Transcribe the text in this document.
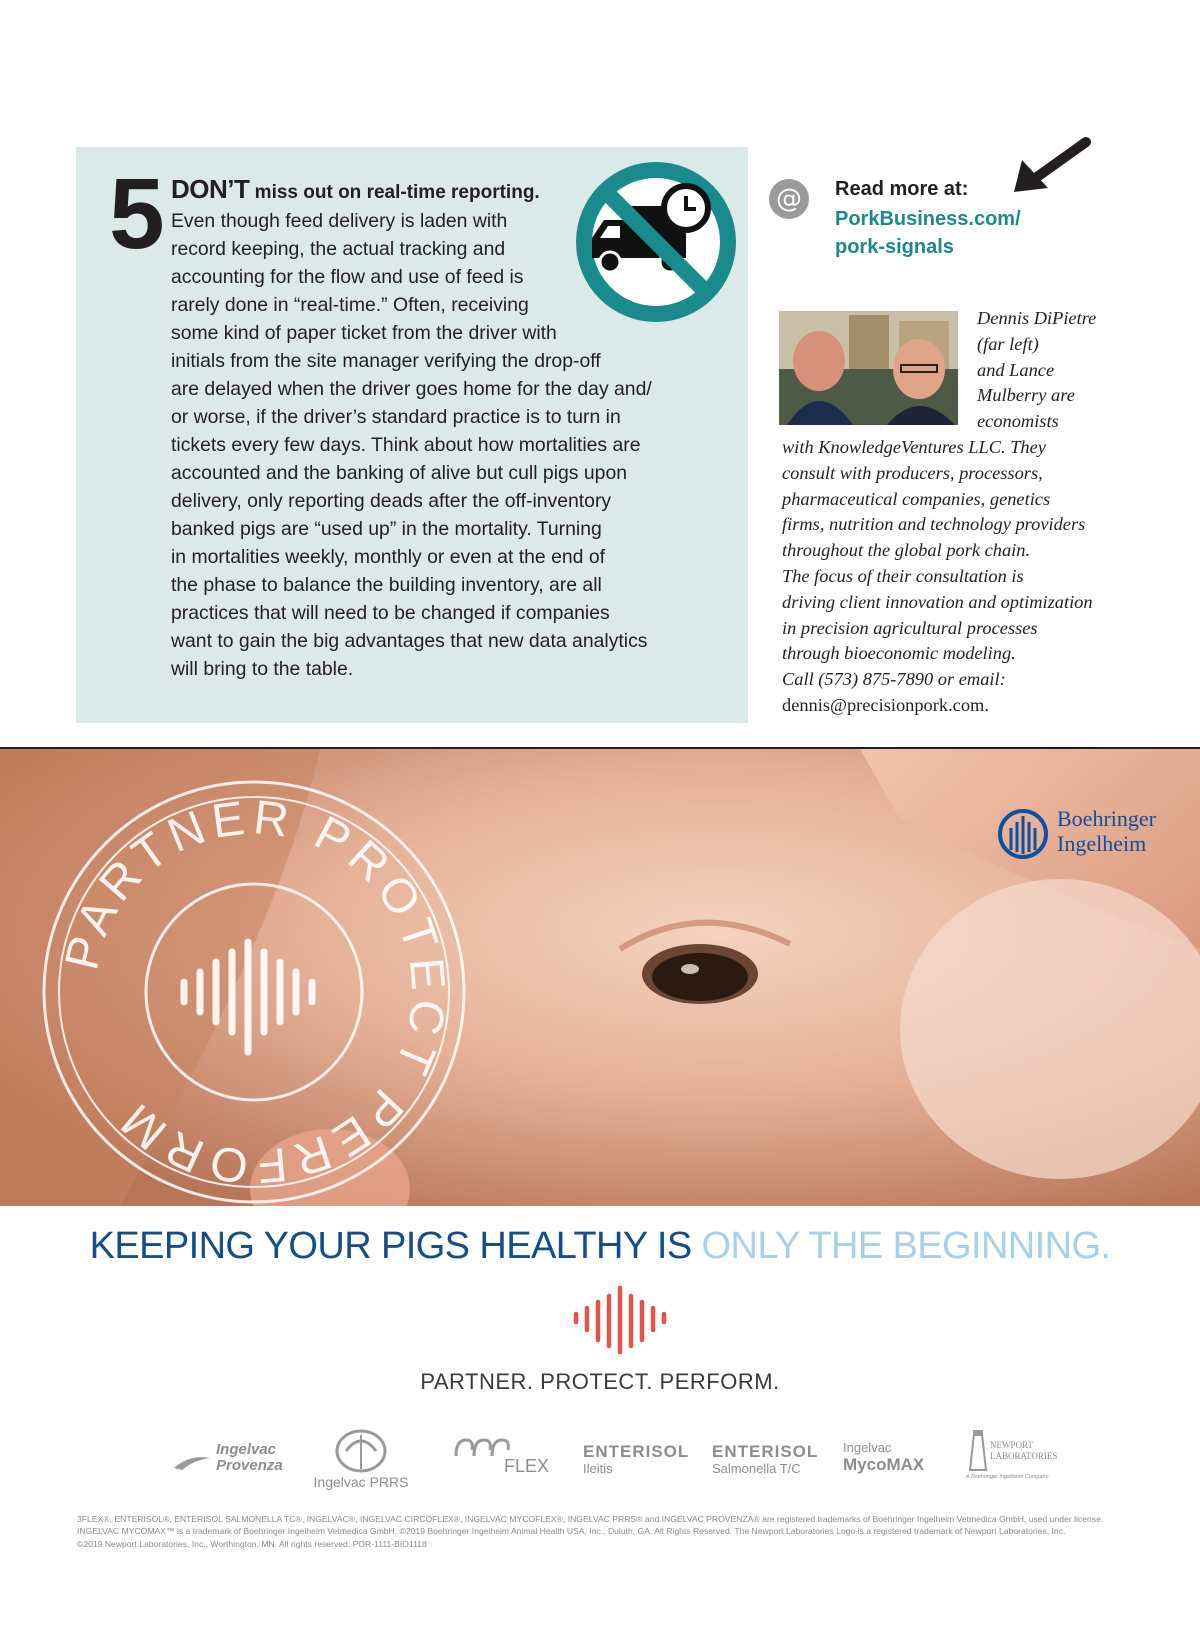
5 DON’T miss out on real-time reporting.
Even though feed delivery is laden with
record keeping, the actual tracking and
accounting for the flow and use of feed is
rarely done in “real-time.” Often, receiving
some kind of paper ticket from the driver with
initials from the site manager verifying the drop-off
are delayed when the driver goes home for the day and/
or worse, if the driver’s standard practice is to turn in
tickets every few days. Think about how mortalities are
accounted and the banking of alive but cull pigs upon
delivery, only reporting deads after the off-inventory
banked pigs are “used up” in the mortality. Turning
in mortalities weekly, monthly or even at the end of
the phase to balance the building inventory, are all
practices that will need to be changed if companies
want to gain the big advantages that new data analytics
will bring to the table.
@ Read more at:
PorkBusiness.com/
pork-signals
Dennis DiPietre
(far left)
and Lance
Mulberry are
economists
with KnowledgeVentures LLC. They
consult with producers, processors,
pharmaceutical companies, genetics
firms, nutrition and technology providers
throughout the global pork chain.
The focus of their consultation is
driving client innovation and optimization
in precision agricultural processes
through bioeconomic modeling.
Call (573) 875-7890 or email:
dennis@precisionpork.com.
PARTNER PROTECT PERFORM
Boehringer
Ingelheim
KEEPING YOUR PIGS HEALTHY IS ONLY THE BEGINNING.
PARTNER. PROTECT. PERFORM.
Ingelvac
Provenza
Ingelvac PRRS
FLEX
ENTERISOL
Ileitis
ENTERISOL
Salmonella T/C
Ingelvac
MycoMAX
NEWPORT
LABORATORIES
A Boehringer Ingelheim Company
3FLEX®, ENTERISOL®, ENTERISOL SALMONELLA TC®, INGELVAC®, INGELVAC CIRCOFLEX®, INGELVAC MYCOFLEX®, INGELVAC PRRS® and INGELVAC PROVENZA® are registered trademarks of Boehringer Ingelheim Vetmedica GmbH, used under license.
INGELVAC MYCOMAX™ is a trademark of Boehringer Ingelheim Vetmedica GmbH. ©2019 Boehringer Ingelheim Animal Health USA, Inc., Duluth, GA. All Rights Reserved. The Newport Laboratories Logo is a registered trademark of Newport Laboratories, Inc.
©2019 Newport Laboratories, Inc., Worthington, MN. All rights reserved. POR-1111-BIO1118
